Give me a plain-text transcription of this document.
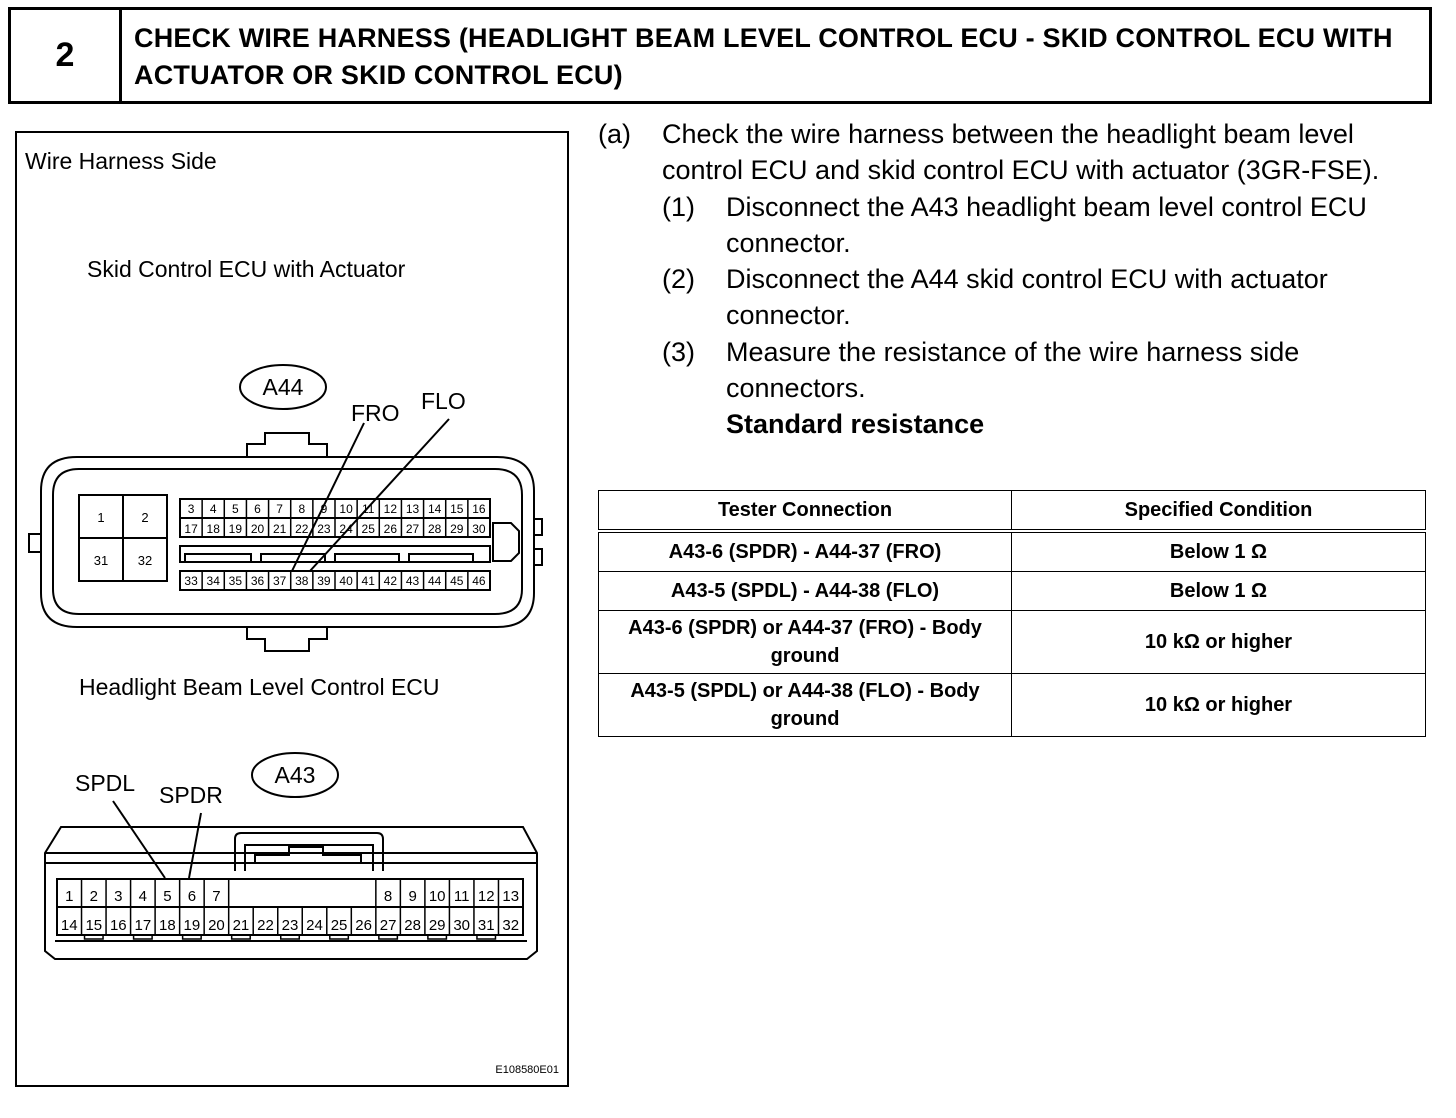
2	CHECK WIRE HARNESS (HEADLIGHT BEAM LEVEL CONTROL ECU - SKID CONTROL ECU WITH ACTUATOR OR SKID CONTROL ECU)
Wire Harness Side
Skid Control ECU with Actuator
A44
FRO FLO
1	2
31 32
3 4 5 6 7 8 9 10 11 12 13 14 15 16
17 18 19 20 21 22 23 24 25 26 27 28 29 30
33 34 35 36 37 38 39 40 41 42 43 44 45 46
Headlight Beam Level Control ECU
A43
SPDL SPDR
1 2 3 4 5 6 7	8 9 10 11 12 13
14 15 16 17 18 19 20 21 22 23 24 25 26 27 28 29 30 31 32
E108580E01
(a)	Check the wire harness between the headlight beam level control ECU and skid control ECU with actuator (3GR-FSE).
(1)	Disconnect the A43 headlight beam level control ECU connector.
(2)	Disconnect the A44 skid control ECU with actuator connector.
(3)	Measure the resistance of the wire harness side connectors.
Standard resistance
Tester Connection	Specified Condition
A43-6 (SPDR) - A44-37 (FRO)	Below 1 Ω
A43-5 (SPDL) - A44-38 (FLO)	Below 1 Ω
A43-6 (SPDR) or A44-37 (FRO) - Body ground	10 kΩ or higher
A43-5 (SPDL) or A44-38 (FLO) - Body ground	10 kΩ or higher
